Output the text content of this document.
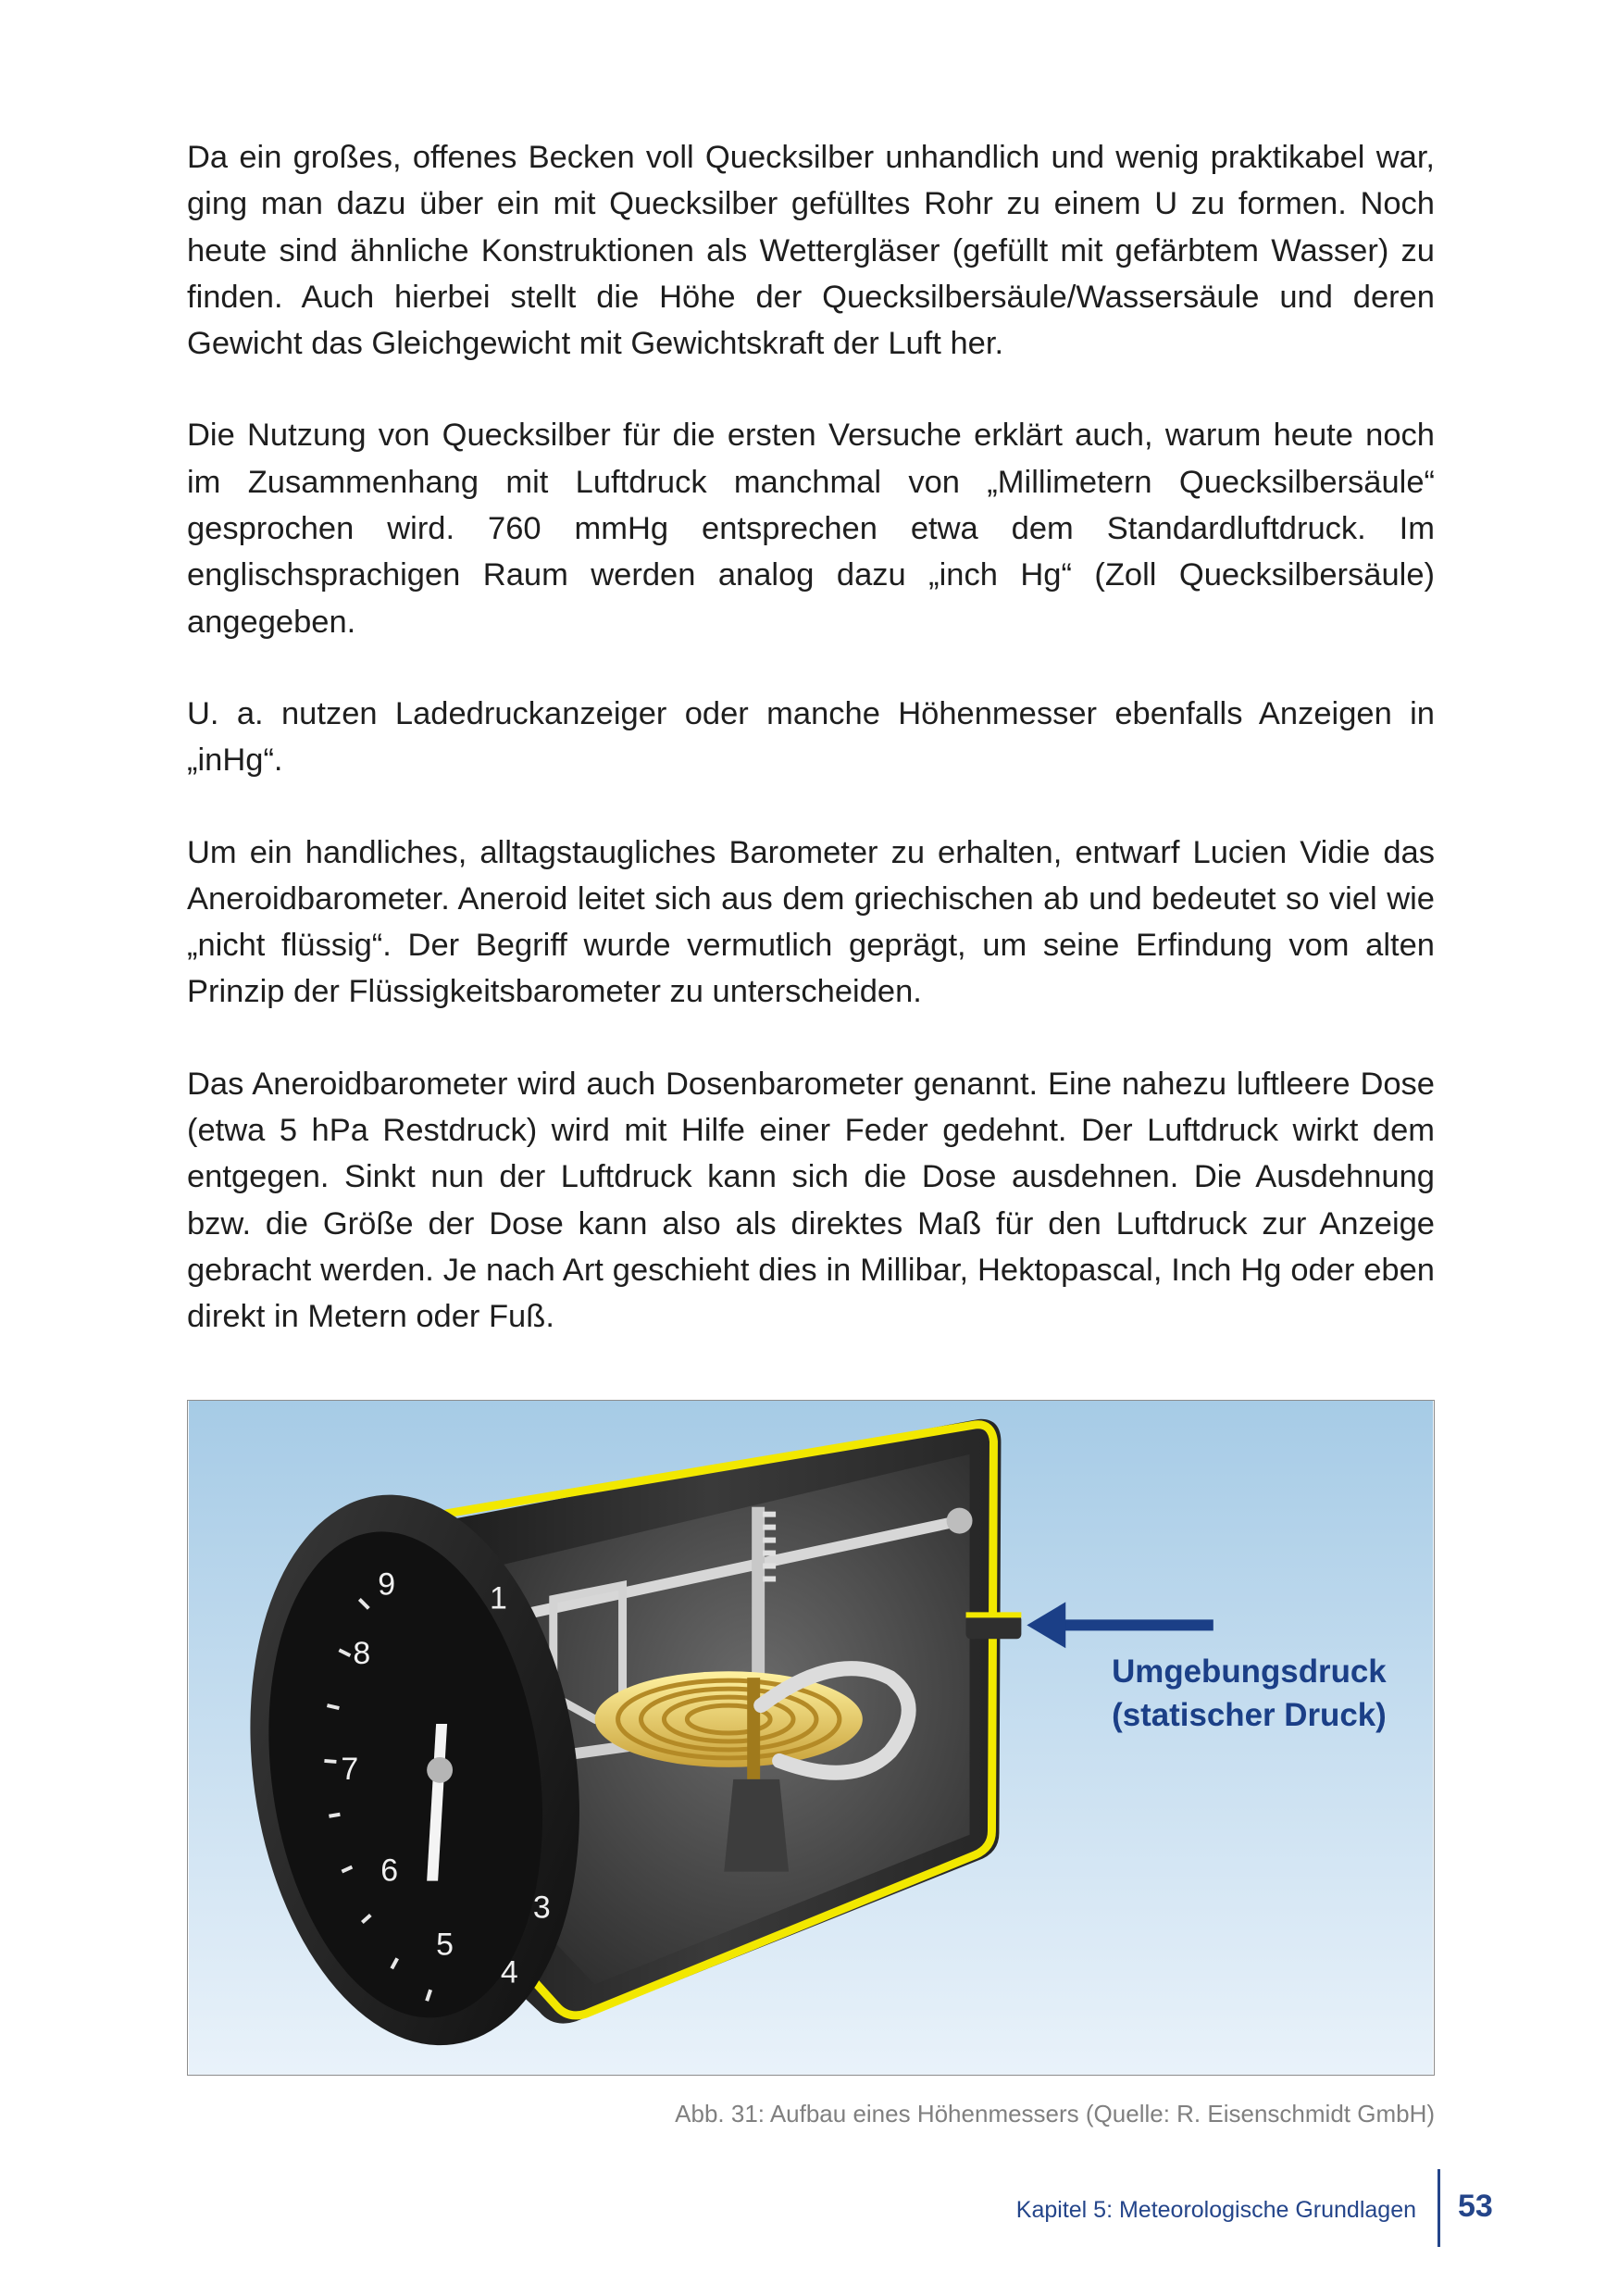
Da ein großes, offenes Becken voll Quecksilber unhandlich und wenig praktikabel war, ging man dazu über ein mit Quecksilber gefülltes Rohr zu einem U zu formen. Noch heute sind ähnliche Konstruktionen als Wettergläser (gefüllt mit gefärbtem Wasser) zu finden. Auch hierbei stellt die Höhe der Quecksilbersäule/Wassersäule und deren Gewicht das Gleichgewicht mit Gewichtskraft der Luft her.

Die Nutzung von Quecksilber für die ersten Versuche erklärt auch, warum heute noch im Zusammenhang mit Luftdruck manchmal von „Millimetern Quecksilbersäule“ gesprochen wird. 760 mmHg entsprechen etwa dem Standardluftdruck. Im englischsprachigen Raum werden analog dazu „inch Hg“ (Zoll Quecksilbersäule) angegeben.

U. a. nutzen Ladedruckanzeiger oder manche Höhenmesser ebenfalls Anzeigen in „inHg“.

Um ein handliches, alltagstaugliches Barometer zu erhalten, entwarf Lucien Vidie das Aneroidbarometer. Aneroid leitet sich aus dem griechischen ab und bedeutet so viel wie „nicht flüssig“. Der Begriff wurde vermutlich geprägt, um seine Erfindung vom alten Prinzip der Flüssigkeitsbarometer zu unterscheiden.

Das Aneroidbarometer wird auch Dosenbarometer genannt. Eine nahezu luftleere Dose (etwa 5 hPa Restdruck) wird mit Hilfe einer Feder gedehnt. Der Luftdruck wirkt dem entgegen. Sinkt nun der Luftdruck kann sich die Dose ausdehnen. Die Ausdehnung bzw. die Größe der Dose kann also als direktes Maß für den Luftdruck zur Anzeige gebracht werden. Je nach Art geschieht dies in Millibar, Hektopascal, Inch Hg oder eben direkt in Metern oder Fuß.

9
8
7
6
5
4
3
1
Umgebungsdruck
(statischer Druck)
Abb. 31: Aufbau eines Höhenmessers (Quelle: R. Eisenschmidt GmbH)
Kapitel 5: Meteorologische Grundlagen 53
